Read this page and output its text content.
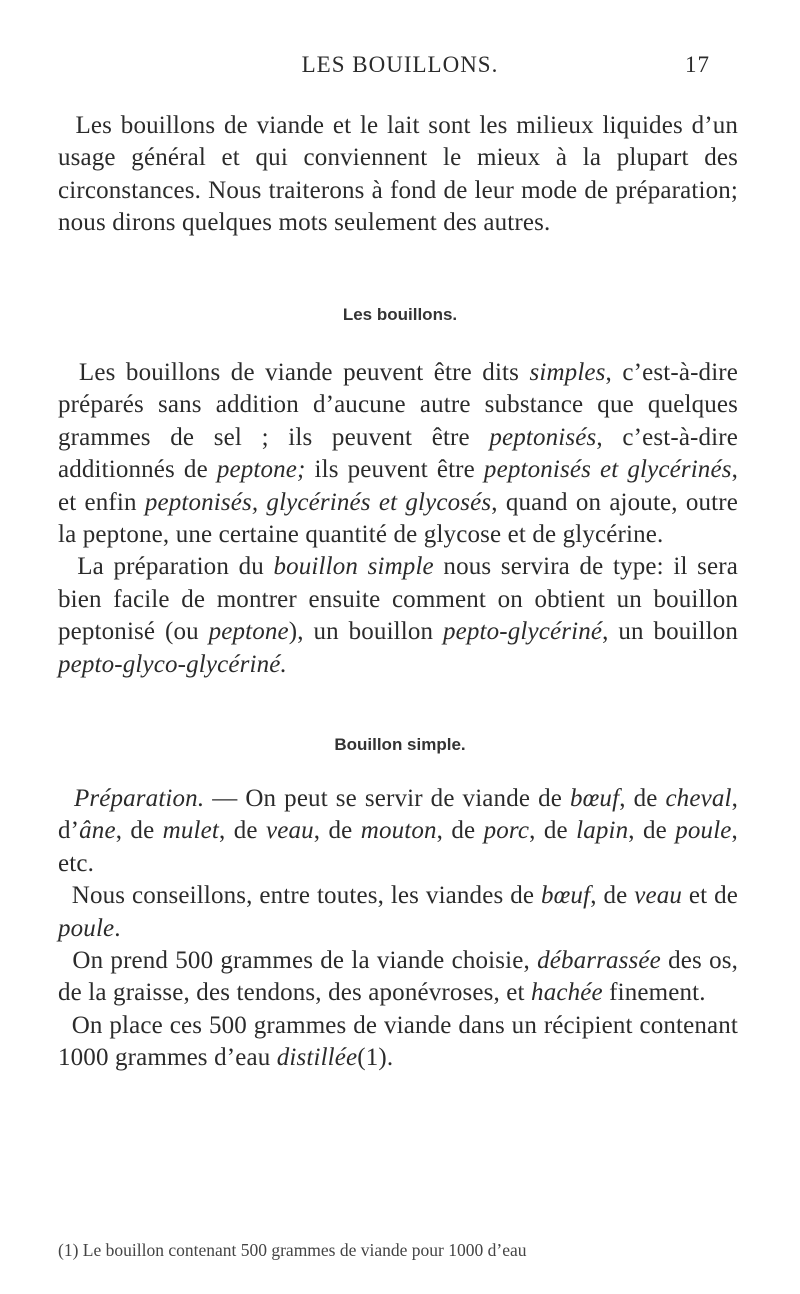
LES BOUILLONS.	17

Les bouillons de viande et le lait sont les milieux liquides d’un usage général et qui conviennent le mieux à la plupart des circonstances. Nous traiterons à fond de leur mode de préparation; nous dirons quelques mots seulement des autres.

Les bouillons.

Les bouillons de viande peuvent être dits simples, c’est-à-dire préparés sans addition d’aucune autre substance que quelques grammes de sel ; ils peuvent être peptonisés, c’est-à-dire additionnés de peptone; ils peuvent être peptonisés et glycérinés, et enfin peptonisés, glycérinés et glycosés, quand on ajoute, outre la peptone, une certaine quantité de glycose et de glycérine.

La préparation du bouillon simple nous servira de type: il sera bien facile de montrer ensuite comment on obtient un bouillon peptonisé (ou peptone), un bouillon pepto-glycériné, un bouillon pepto-glyco-glycériné.

Bouillon simple.

Préparation. — On peut se servir de viande de bœuf, de cheval, d’âne, de mulet, de veau, de mouton, de porc, de lapin, de poule, etc.

Nous conseillons, entre toutes, les viandes de bœuf, de veau et de poule.

On prend 500 grammes de la viande choisie, débarrassée des os, de la graisse, des tendons, des aponévroses, et hachée finement.

On place ces 500 grammes de viande dans un récipient contenant 1000 grammes d’eau distillée(1).

(1) Le bouillon contenant 500 grammes de viande pour 1000 d’eau
